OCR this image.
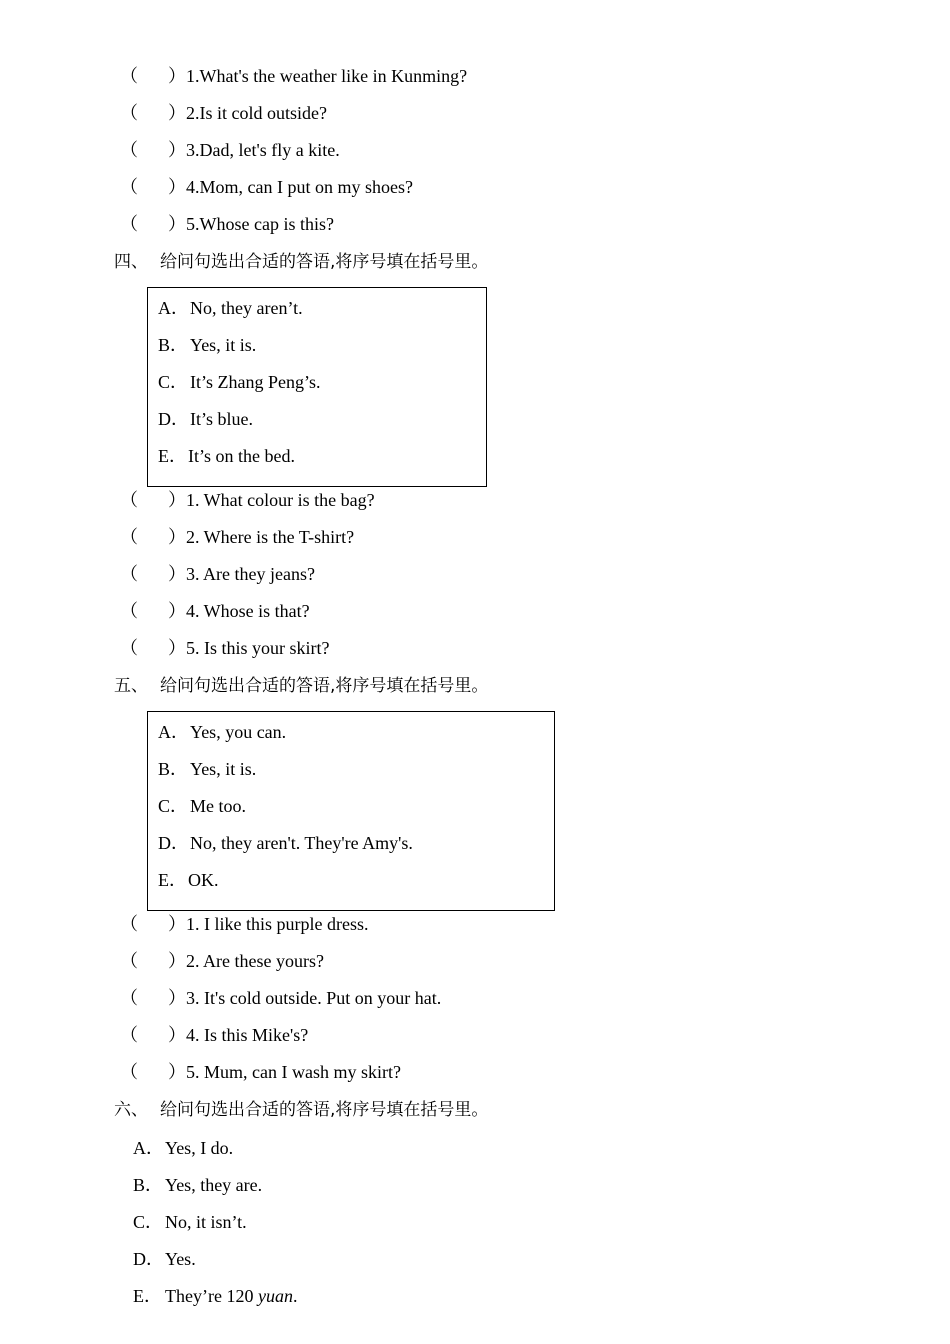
（ ） 1.What's the weather like in Kunming?
（ ） 2.Is it cold outside?
（ ） 3.Dad, let's fly a kite.
（ ） 4.Mom, can I put on my shoes?
（ ） 5.Whose cap is this?
四、 给问句选出合适的答语,将序号填在括号里。
A． No, they aren’t.
B． Yes, it is.
C． It’s Zhang Peng’s.
D． It’s blue.
E． It’s on the bed.
（ ） 1. What colour is the bag?
（ ） 2. Where is the T-shirt?
（ ） 3. Are they jeans?
（ ） 4. Whose is that?
（ ） 5. Is this your skirt?
五、 给问句选出合适的答语,将序号填在括号里。
A． Yes, you can.
B． Yes, it is.
C． Me too.
D． No, they aren't. They're Amy's.
E． OK.
（ ） 1. I like this purple dress.
（ ） 2. Are these yours?
（ ） 3. It's cold outside. Put on your hat.
（ ） 4. Is this Mike's?
（ ） 5. Mum, can I wash my skirt?
六、 给问句选出合适的答语,将序号填在括号里。
A． Yes, I do.
B． Yes, they are.
C． No, it isn’t.
D． Yes.
E． They’re 120 yuan.
